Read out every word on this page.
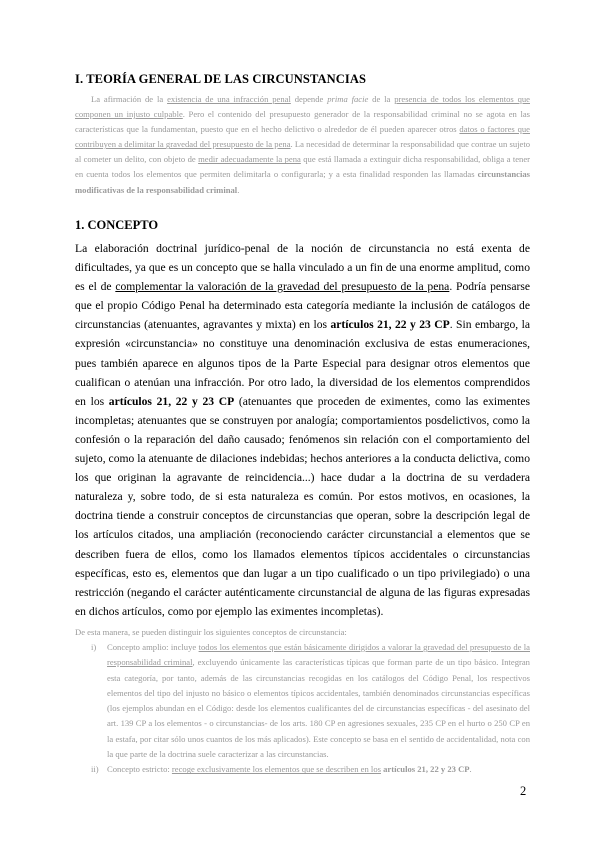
I. TEORÍA GENERAL DE LAS CIRCUNSTANCIAS

La afirmación de la existencia de una infracción penal depende prima facie de la presencia de todos los elementos que componen un injusto culpable. Pero el contenido del presupuesto generador de la responsabilidad criminal no se agota en las características que la fundamentan, puesto que en el hecho delictivo o alrededor de él pueden aparecer otros datos o factores que contribuyen a delimitar la gravedad del presupuesto de la pena. La necesidad de determinar la responsabilidad que contrae un sujeto al cometer un delito, con objeto de medir adecuadamente la pena que está llamada a extinguir dicha responsabilidad, obliga a tener en cuenta todos los elementos que permiten delimitarla o configurarla; y a esta finalidad responden las llamadas circunstancias modificativas de la responsabilidad criminal.

1. CONCEPTO

La elaboración doctrinal jurídico-penal de la noción de circunstancia no está exenta de dificultades, ya que es un concepto que se halla vinculado a un fin de una enorme amplitud, como es el de complementar la valoración de la gravedad del presupuesto de la pena. Podría pensarse que el propio Código Penal ha determinado esta categoría mediante la inclusión de catálogos de circunstancias (atenuantes, agravantes y mixta) en los artículos 21, 22 y 23 CP. Sin embargo, la expresión «circunstancia» no constituye una denominación exclusiva de estas enumeraciones, pues también aparece en algunos tipos de la Parte Especial para designar otros elementos que cualifican o atenúan una infracción. Por otro lado, la diversidad de los elementos comprendidos en los artículos 21, 22 y 23 CP (atenuantes que proceden de eximentes, como las eximentes incompletas; atenuantes que se construyen por analogía; comportamientos posdelictivos, como la confesión o la reparación del daño causado; fenómenos sin relación con el comportamiento del sujeto, como la atenuante de dilaciones indebidas; hechos anteriores a la conducta delictiva, como los que originan la agravante de reincidencia...) hace dudar a la doctrina de su verdadera naturaleza y, sobre todo, de si esta naturaleza es común. Por estos motivos, en ocasiones, la doctrina tiende a construir conceptos de circunstancias que operan, sobre la descripción legal de los artículos citados, una ampliación (reconociendo carácter circunstancial a elementos que se describen fuera de ellos, como los llamados elementos típicos accidentales o circunstancias específicas, esto es, elementos que dan lugar a un tipo cualificado o un tipo privilegiado) o una restricción (negando el carácter auténticamente circunstancial de alguna de las figuras expresadas en dichos artículos, como por ejemplo las eximentes incompletas).

De esta manera, se pueden distinguir los siguientes conceptos de circunstancia:

i) Concepto amplio: incluye todos los elementos que están básicamente dirigidos a valorar la gravedad del presupuesto de la responsabilidad criminal, excluyendo únicamente las características típicas que forman parte de un tipo básico. Integran esta categoría, por tanto, además de las circunstancias recogidas en los catálogos del Código Penal, los respectivos elementos del tipo del injusto no básico o elementos típicos accidentales, también denominados circunstancias específicas (los ejemplos abundan en el Código: desde los elementos cualificantes del de circunstancias específicas - del asesinato del art. 139 CP a los elementos - o circunstancias- de los arts. 180 CP en agresiones sexuales, 235 CP en el hurto o 250 CP en la estafa, por citar sólo unos cuantos de los más aplicados). Este concepto se basa en el sentido de accidentalidad, nota con la que parte de la doctrina suele caracterizar a las circunstancias.
ii) Concepto estricto: recoge exclusivamente los elementos que se describen en los artículos 21, 22 y 23 CP.

2
